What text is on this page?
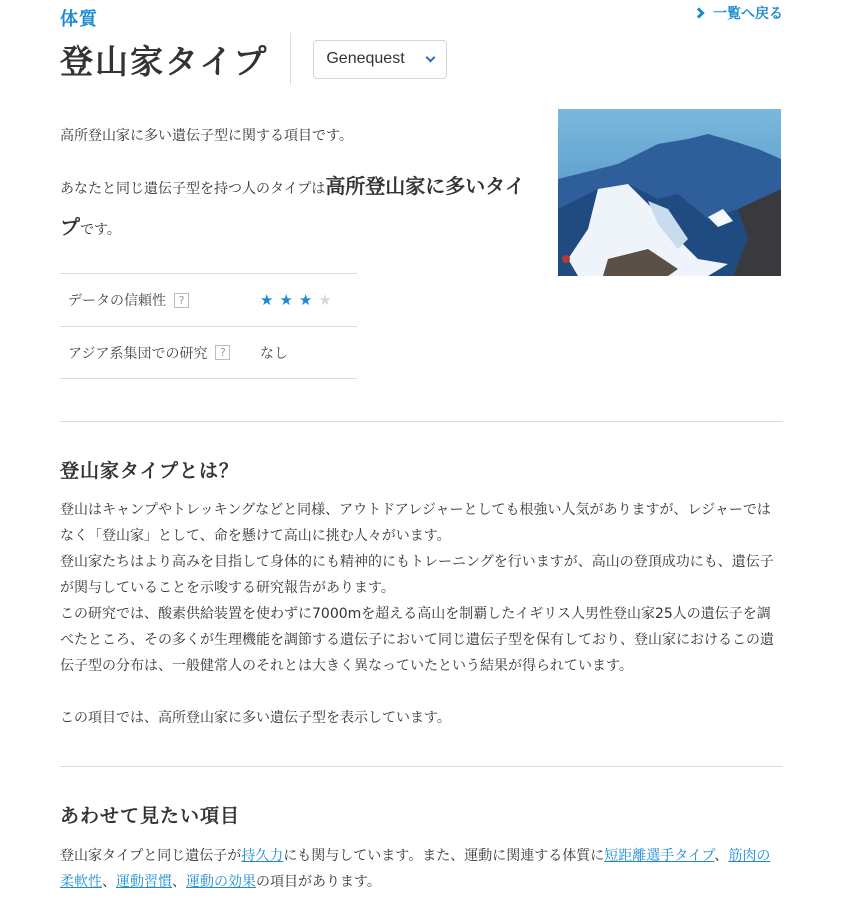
体質	一覧へ戻る
登山家タイプ	Genequest

高所登山家に多い遺伝子型に関する項目です。

あなたと同じ遺伝子型を持つ人のタイプは高所登山家に多いタイプです。

データの信頼性	?	★ ★ ★ ★
アジア系集団での研究	?	なし
登山家タイプとは？

登山はキャンプやトレッキングなどと同様、アウトドアレジャーとしても根強い人気がありますが、レジャーではなく「登山家」として、命を懸けて高山に挑む人々がいます。

登山家たちはより高みを目指して身体的にも精神的にもトレーニングを行いますが、高山の登頂成功にも、遺伝子が関与していることを示唆する研究報告があります。

この研究では、酸素供給装置を使わずに7000mを超える高山を制覇したイギリス人男性登山家25人の遺伝子を調べたところ、その多くが生理機能を調節する遺伝子において同じ遺伝子型を保有しており、登山家におけるこの遺伝子型の分布は、一般健常人のそれとは大きく異なっていたという結果が得られています。

この項目では、高所登山家に多い遺伝子型を表示しています。

あわせて見たい項目
登山家タイプと同じ遺伝子が持久力にも関与しています。また、運動に関連する体質に短距離選手タイプ、筋肉の柔軟性、運動習慣、運動の効果の項目があります。
